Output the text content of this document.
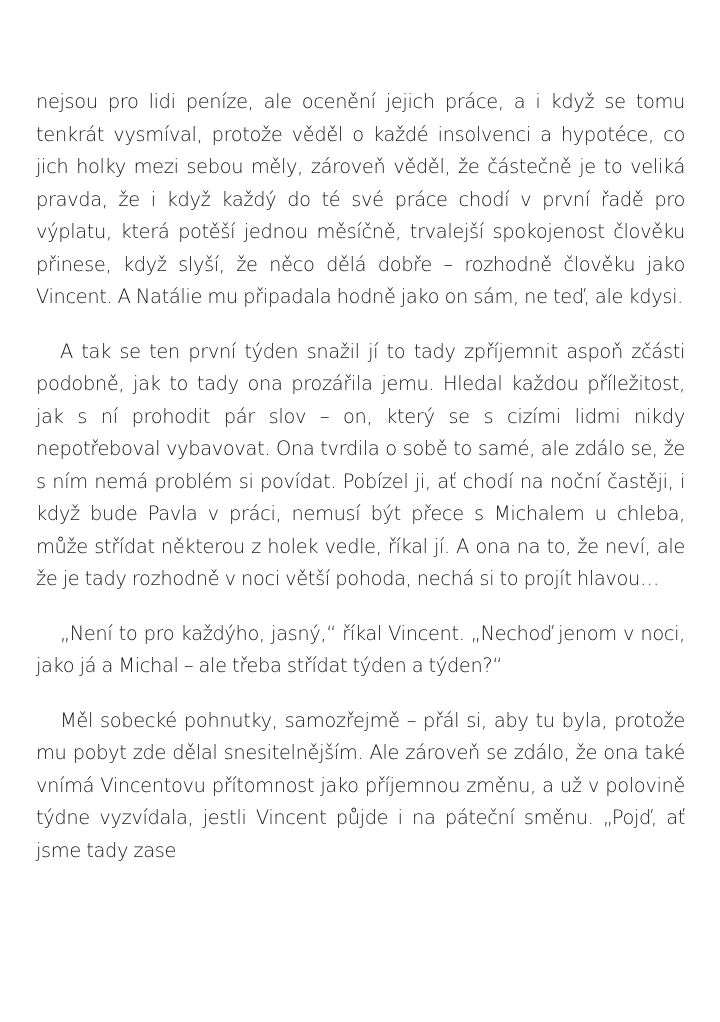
nejsou pro lidi peníze, ale ocenění jejich práce, a i když se tomu tenkrát vysmíval, protože věděl o každé insolvenci a hypotéce, co jich holky mezi sebou měly, zároveň věděl, že částečně je to veliká pravda, že i když každý do té své práce chodí v první řadě pro výplatu, která potěší jednou měsíčně, trvalejší spokojenost člověku přinese, když slyší, že něco dělá dobře – rozhodně člověku jako Vincent. A Natálie mu připadala hodně jako on sám, ne teď, ale kdysi.

A tak se ten první týden snažil jí to tady zpříjemnit aspoň zčásti podobně, jak to tady ona prozářila jemu. Hledal každou příležitost, jak s ní prohodit pár slov – on, který se s cizími lidmi nikdy nepotřeboval vybavovat. Ona tvrdila o sobě to samé, ale zdálo se, že s ním nemá problém si povídat. Pobízel ji, ať chodí na noční častěji, i když bude Pavla v práci, nemusí být přece s Michalem u chleba, může střídat některou z holek vedle, říkal jí. A ona na to, že neví, ale že je tady rozhodně v noci větší pohoda, nechá si to projít hlavou…

„Není to pro každýho, jasný,“ říkal Vincent. „Nechoď jenom v noci, jako já a Michal – ale třeba střídat týden a týden?“

Měl sobecké pohnutky, samozřejmě – přál si, aby tu byla, protože mu pobyt zde dělal snesitelnějším. Ale zároveň se zdálo, že ona také vnímá Vincentovu přítomnost jako příjemnou změnu, a už v polovině týdne vyzvídala, jestli Vincent půjde i na páteční směnu. „Pojď, ať jsme tady zase
